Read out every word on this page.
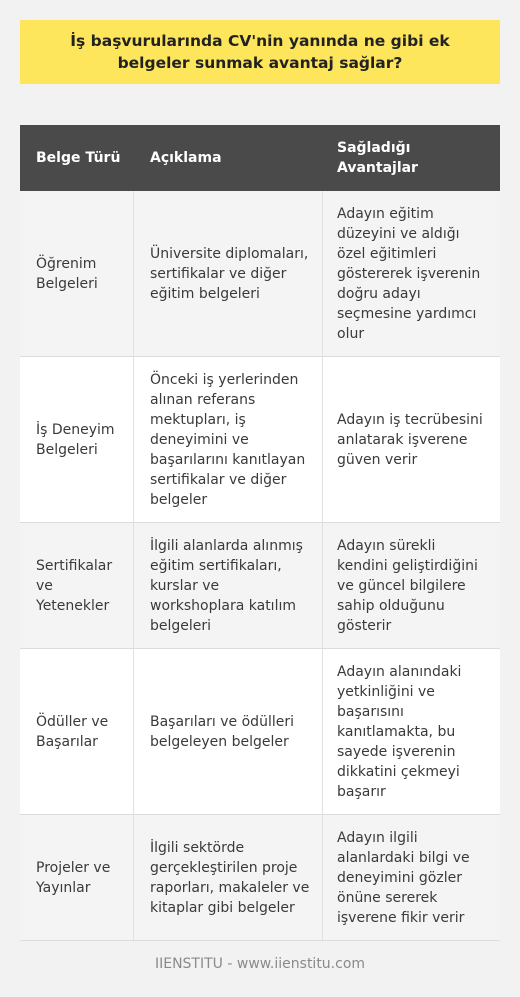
İş başvurularında CV'nin yanında ne gibi ek belgeler sunmak avantaj sağlar?
Belge Türü	Açıklama
Sağladığı Avantajlar
Öğrenim Belgeleri
Üniversite diplomaları, sertifikalar ve diğer eğitim belgeleri
Adayın eğitim düzeyini ve aldığı özel eğitimleri göstererek işverenin doğru adayı seçmesine yardımcı olur
İş Deneyim Belgeleri
Önceki iş yerlerinden alınan referans mektupları, iş deneyimini ve başarılarını kanıtlayan sertifikalar ve diğer belgeler
Adayın iş tecrübesini anlatarak işverene güven verir
Sertifikalar ve Yetenekler
İlgili alanlarda alınmış eğitim sertifikaları, kurslar ve workshoplara katılım belgeleri
Adayın sürekli kendini geliştirdiğini ve güncel bilgilere sahip olduğunu gösterir
Ödüller ve Başarılar
Başarıları ve ödülleri belgeleyen belgeler
Adayın alanındaki yetkinliğini ve başarısını kanıtlamakta, bu sayede işverenin dikkatini çekmeyi başarır
Projeler ve Yayınlar
İlgili sektörde gerçekleştirilen proje raporları, makaleler ve kitaplar gibi belgeler
Adayın ilgili alanlardaki bilgi ve deneyimini gözler önüne sererek işverene fikir verir
IIENSTITU - www.iienstitu.com
